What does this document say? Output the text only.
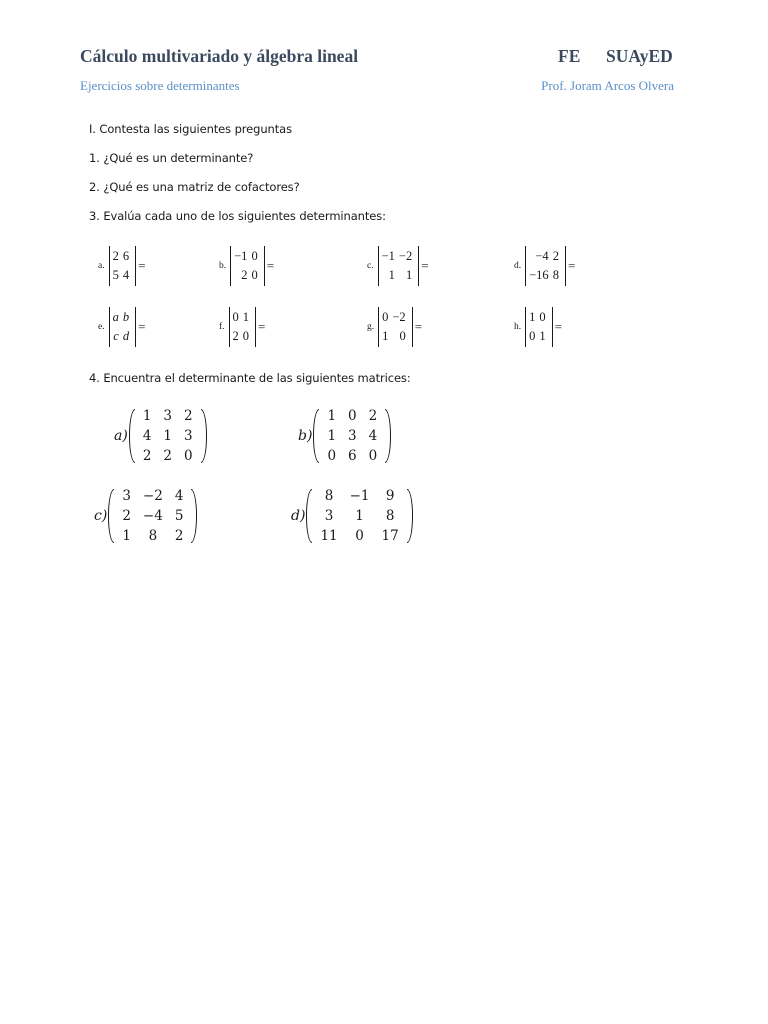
Cálculo multivariado y álgebra lineal	FE SUAyED
Ejercicios sobre determinantes	Prof. Joram Arcos Olvera
I. Contesta las siguientes preguntas
1. ¿Qué es un determinante?
2. ¿Qué es una matriz de cofactores?
3. Evalúa cada uno de los siguientes determinantes:
a.
2	6
5	4
=	b.
−1	0
2	0
=	c.
−1	−2
1	1
=	d.
−4	2
−16	8
=
e.
a	b
c	d
=	f.
0	1
2	0
=	g.
0	−2
1	0
=	h.
1	0
0	1
=
4. Encuentra el determinante de las siguientes matrices:
a)
1	3	2
4	1	3
2	2	0
b)
1	0	2
1	3	4
0	6	0
c)
3	−2	4
2	−4	5
1	8	2
d)
8	−1	9
3	1	8
11	0	17
